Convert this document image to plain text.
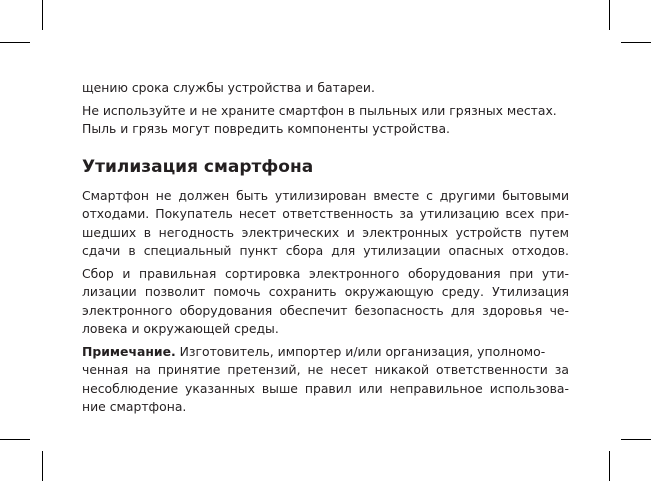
щению срока службы устройства и батареи.
Не используйте и не храните смартфон в пыльных или грязных местах.
Пыль и грязь могут повредить компоненты устройства.
Утилизация смартфона
Смартфон не должен быть утилизирован вместе с другими бытовыми
отходами. Покупатель несет ответственность за утилизацию всех при-
шедших в негодность электрических и электронных устройств путем
сдачи в специальный пункт сбора для утилизации опасных отходов.
Сбор и правильная сортировка электронного оборудования при ути-
лизации позволит помочь сохранить окружающую среду. Утилизация
электронного оборудования обеспечит безопасность для здоровья че-
ловека и окружающей среды.
Примечание. Изготовитель, импортер и/или организация, уполномо-
ченная на принятие претензий, не несет никакой ответственности за
несоблюдение указанных выше правил или неправильное использова-
ние смартфона.
